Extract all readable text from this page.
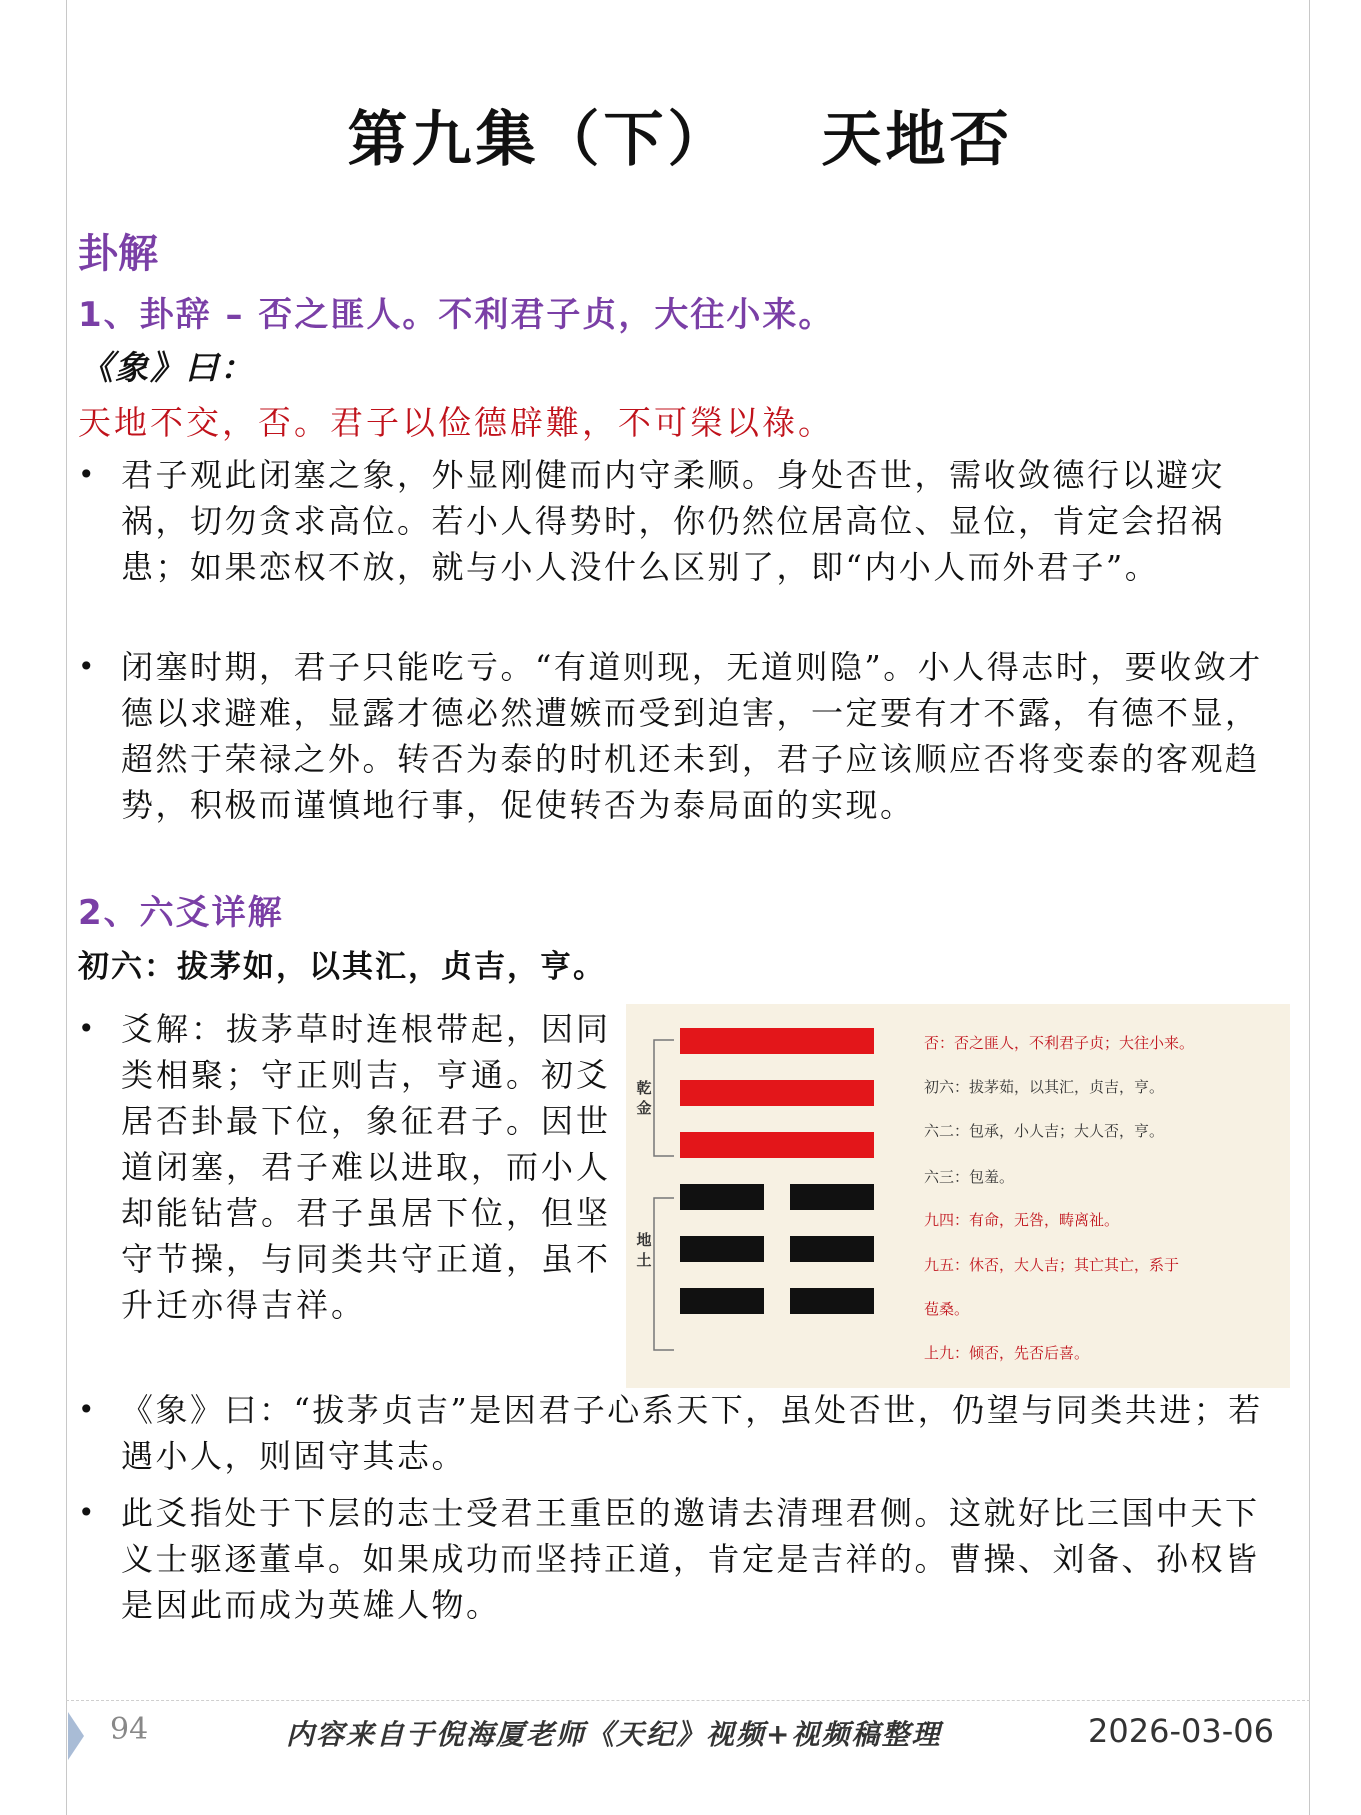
第九集（下） 天地否
卦解
1、卦辞 – 否之匪人。不利君子贞，大往小来。

《象》曰：

天地不交，否。君子以俭德辟難，不可榮以祿。

• 君子观此闭塞之象，外显刚健而内守柔顺。身处否世，需收敛德行以避灾祸，切勿贪求高位。若小人得势时，你仍然位居高位、显位，肯定会招祸患；如果恋权不放，就与小人没什么区别了，即“内小人而外君子”。
• 闭塞时期，君子只能吃亏。“有道则现，无道则隐”。小人得志时，要收敛才德以求避难，显露才德必然遭嫉而受到迫害，一定要有才不露，有德不显，超然于荣禄之外。转否为泰的时机还未到，君子应该顺应否将变泰的客观趋势，积极而谨慎地行事，促使转否为泰局面的实现。
2、六爻详解

初六：拔茅如，以其汇，贞吉，亨。

• 爻解：拔茅草时连根带起，因同类相聚；守正则吉，亨通。初爻居否卦最下位，象征君子。因世道闭塞，君子难以进取，而小人却能钻营。君子虽居下位，但坚守节操，与同类共守正道，虽不升迁亦得吉祥。
乾金
地土

否：否之匪人，不利君子贞；大往小来。

初六：拔茅茹，以其汇，贞吉，亨。

六二：包承，小人吉；大人否，亨。

六三：包羞。

九四：有命，无咎，畴离祉。

九五：休否，大人吉；其亡其亡，系于

苞桑。

上九：倾否，先否后喜。

• 《象》曰：“拔茅贞吉”是因君子心系天下，虽处否世，仍望与同类共进；若遇小人，则固守其志。
• 此爻指处于下层的志士受君王重臣的邀请去清理君侧。这就好比三国中天下义士驱逐董卓。如果成功而坚持正道，肯定是吉祥的。曹操、刘备、孙权皆是因此而成为英雄人物。
94	内容来自于倪海厦老师《天纪》视频+视频稿整理	2026-03-06
